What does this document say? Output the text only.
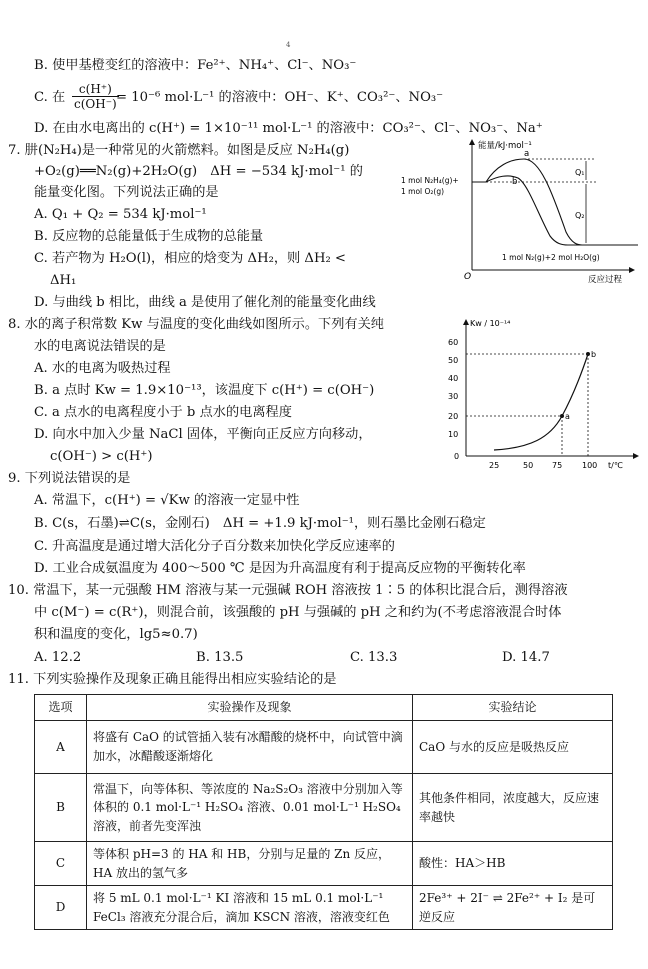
4
B. 使甲基橙变红的溶液中：Fe²⁺、NH₄⁺、Cl⁻、NO₃⁻
C. 在	= 10⁻⁶ mol·L⁻¹ 的溶液中：OH⁻、K⁺、CO₃²⁻、NO₃⁻
D. 在由水电离出的 c(H⁺) = 1×10⁻¹¹ mol·L⁻¹ 的溶液中：CO₃²⁻、Cl⁻、NO₃⁻、Na⁺
7. 肼(N₂H₄)是一种常见的火箭燃料。如图是反应 N₂H₄(g)
+O₂(g)══N₂(g)+2H₂O(g)　ΔH = −534 kJ·mol⁻¹ 的
能量变化图。下列说法正确的是
A. Q₁ + Q₂ = 534 kJ·mol⁻¹
B. 反应物的总能量低于生成物的总能量
C. 若产物为 H₂O(l)，相应的焓变为 ΔH₂，则 ΔH₂ <
ΔH₁
D. 与曲线 b 相比，曲线 a 是使用了催化剂的能量变化曲线
8. 水的离子积常数 Kw 与温度的变化曲线如图所示。下列有关纯
水的电离说法错误的是
A. 水的电离为吸热过程
B. a 点时 Kw = 1.9×10⁻¹³，该温度下 c(H⁺) = c(OH⁻)
C. a 点水的电离程度小于 b 点水的电离程度
D. 向水中加入少量 NaCl 固体，平衡向正反应方向移动，
c(OH⁻) > c(H⁺)
9. 下列说法错误的是
A. 常温下，c(H⁺) = √Kw 的溶液一定显中性
B. C(s，石墨)⇌C(s，金刚石)　ΔH = +1.9 kJ·mol⁻¹，则石墨比金刚石稳定
C. 升高温度是通过增大活化分子百分数来加快化学反应速率的
D. 工业合成氨温度为 400～500 ℃ 是因为升高温度有利于提高反应物的平衡转化率
10. 常温下，某一元强酸 HM 溶液与某一元强碱 ROH 溶液按 1∶5 的体积比混合后，测得溶液
中 c(M⁻) = c(R⁺)，则混合前，该强酸的 pH 与强碱的 pH 之和约为(不考虑溶液混合时体
积和温度的变化，lg5≈0.7)
A. 12.2	B. 13.5	C. 13.3	D. 14.7
11. 下列实验操作及现象正确且能得出相应实验结论的是
$\frac{c(H^+)}{c(OH^-)}$
能量/kJ·mol⁻¹
O
1 mol N₂H₄(g)+
1 mol O₂(g)
1 mol N₂(g)+2 mol H₂O(g)
反应过程
a
b
Q₁
Q₂
Kw / 10⁻¹⁴
t/℃
60
50
40
30
20
10
0
25	50 75 100
a
b
选项	实验操作及现象	实验结论
A	将盛有 CaO 的试管插入装有冰醋酸的烧杯中，向试管中滴加水，冰醋酸逐渐熔化	CaO 与水的反应是吸热反应
B	常温下，向等体积、等浓度的 Na₂S₂O₃ 溶液中分别加入等体积的 0.1 mol·L⁻¹ H₂SO₄ 溶液、0.01 mol·L⁻¹ H₂SO₄ 溶液，前者先变浑浊	其他条件相同，浓度越大，反应速率越快
C	等体积 pH=3 的 HA 和 HB，分别与足量的 Zn 反应，HA 放出的氢气多	酸性：HA＞HB
D	将 5 mL 0.1 mol·L⁻¹ KI 溶液和 15 mL 0.1 mol·L⁻¹ FeCl₃ 溶液充分混合后，滴加 KSCN 溶液，溶液变红色	2Fe³⁺ + 2I⁻ ⇌ 2Fe²⁺ + I₂ 是可逆反应
